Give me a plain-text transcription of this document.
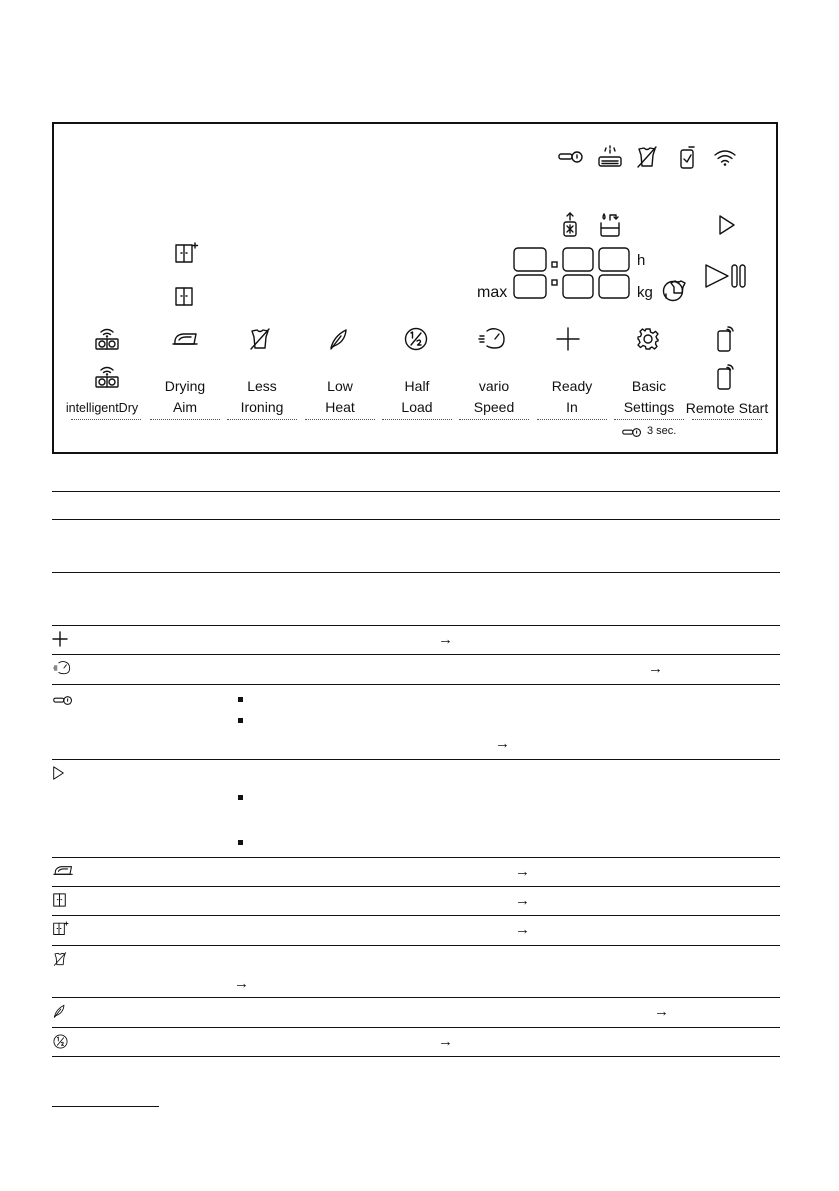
max
h
kg
intelligentDry
Drying
Aim
Less
Ironing
Low
Heat
Half
Load
vario
Speed
Ready
In
Basic
Settings Remote Start
3 sec.
→
→
→
→
→
→
→
→
→
